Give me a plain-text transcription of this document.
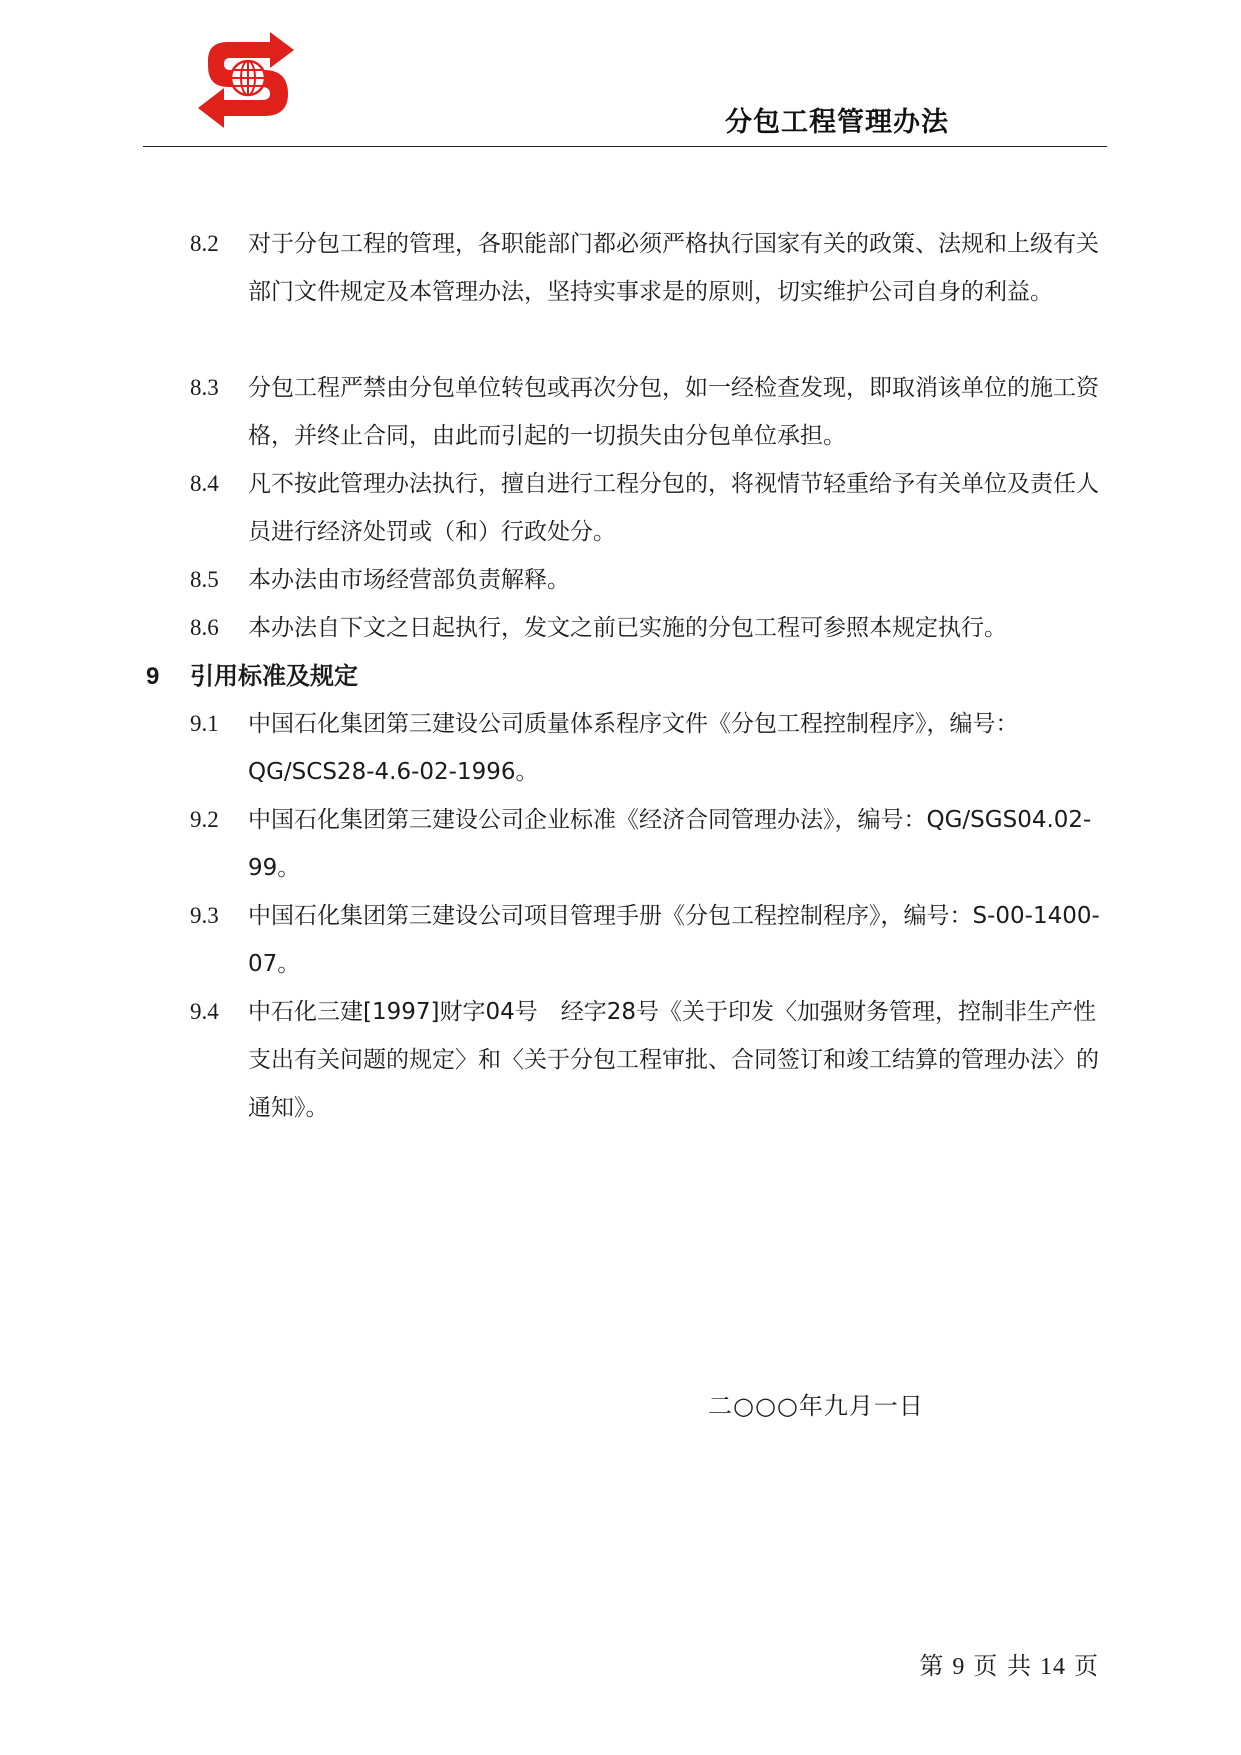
分包工程管理办法
8.2	对于分包工程的管理，各职能部门都必须严格执行国家有关的政策、法规和上级有关部门文件规定及本管理办法，坚持实事求是的原则，切实维护公司自身的利益。
8.3	分包工程严禁由分包单位转包或再次分包，如一经检查发现，即取消该单位的施工资格，并终止合同，由此而引起的一切损失由分包单位承担。
8.4	凡不按此管理办法执行，擅自进行工程分包的，将视情节轻重给予有关单位及责任人员进行经济处罚或（和）行政处分。
8.5	本办法由市场经营部负责解释。
8.6	本办法自下文之日起执行，发文之前已实施的分包工程可参照本规定执行。
9 引用标准及规定
9.1	中国石化集团第三建设公司质量体系程序文件《分包工程控制程序》，编号：QG/SCS28-4.6-02-1996。
9.2	中国石化集团第三建设公司企业标准《经济合同管理办法》，编号：QG/SGS04.02-99。
9.3	中国石化集团第三建设公司项目管理手册《分包工程控制程序》，编号：S-00-1400-07。
9.4	中石化三建[1997]财字04号　经字28号《关于印发〈加强财务管理，控制非生产性支出有关问题的规定〉和〈关于分包工程审批、合同签订和竣工结算的管理办法〉的通知》。
二○○○年九月一日
第 9 页 共 14 页
